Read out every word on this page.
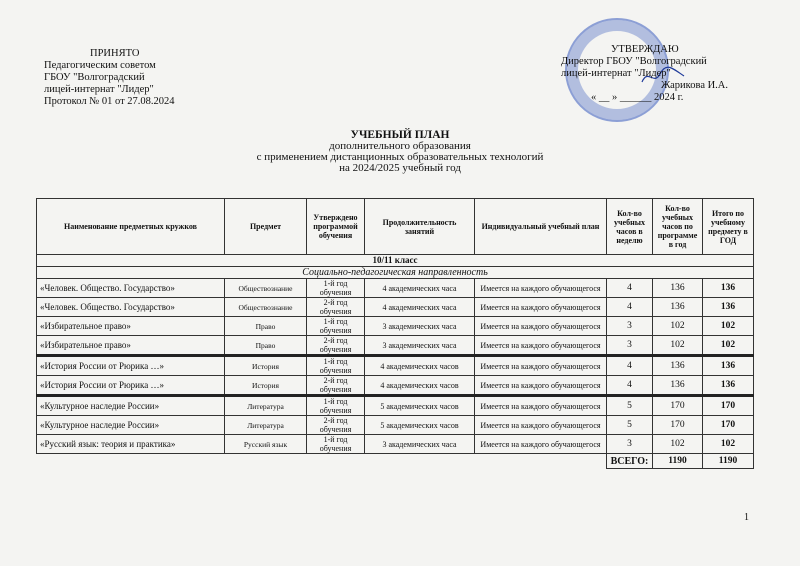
ПРИНЯТО
Педагогическим советом
ГБОУ "Волгоградский
лицей-интернат "Лидер"
Протокол № 01 от 27.08.2024
УТВЕРЖДАЮ
Директор ГБОУ "Волгоградский
лицей-интернат "Лидер"
Жарикова И.А.
« __ » ______ 2024 г.
УЧЕБНЫЙ ПЛАН
дополнительного образования
с применением дистанционных образовательных технологий
на 2024/2025 учебный год
Наименование предметных кружков	Предмет	Утверждено программой обучения	Продолжительность занятий	Индивидуальный учебный план	Кол-во учебных часов в неделю	Кол-во учебных часов по программе в год	Итого по учебному предмету в ГОД
10/11 класс							
Социально-педагогическая направленность							
«Человек. Общество. Государство»	Обществознание	1-й год обучения	4 академических часа	Имеется на каждого обучающегося	4	136	136
«Человек. Общество. Государство»	Обществознание	2-й год обучения	4 академических часа	Имеется на каждого обучающегося	4	136	136
«Избирательное право»	Право	1-й год обучения	3 академических часа	Имеется на каждого обучающегося	3	102	102
«Избирательное право»	Право	2-й год обучения	3 академических часа	Имеется на каждого обучающегося	3	102	102
«История России от Рюрика …»	История	1-й год обучения	4 академических часов	Имеется на каждого обучающегося	4	136	136
«История России от Рюрика …»	История	2-й год обучения	4 академических часов	Имеется на каждого обучающегося	4	136	136
«Культурное наследие России»	Литература	1-й год обучения	5 академических часов	Имеется на каждого обучающегося	5	170	170
«Культурное наследие России»	Литература	2-й год обучения	5 академических часов	Имеется на каждого обучающегося	5	170	170
«Русский язык: теория и практика»	Русский язык	1-й год обучения	3 академических часа	Имеется на каждого обучающегося	3	102	102
					ВСЕГО:	1190	1190
1
